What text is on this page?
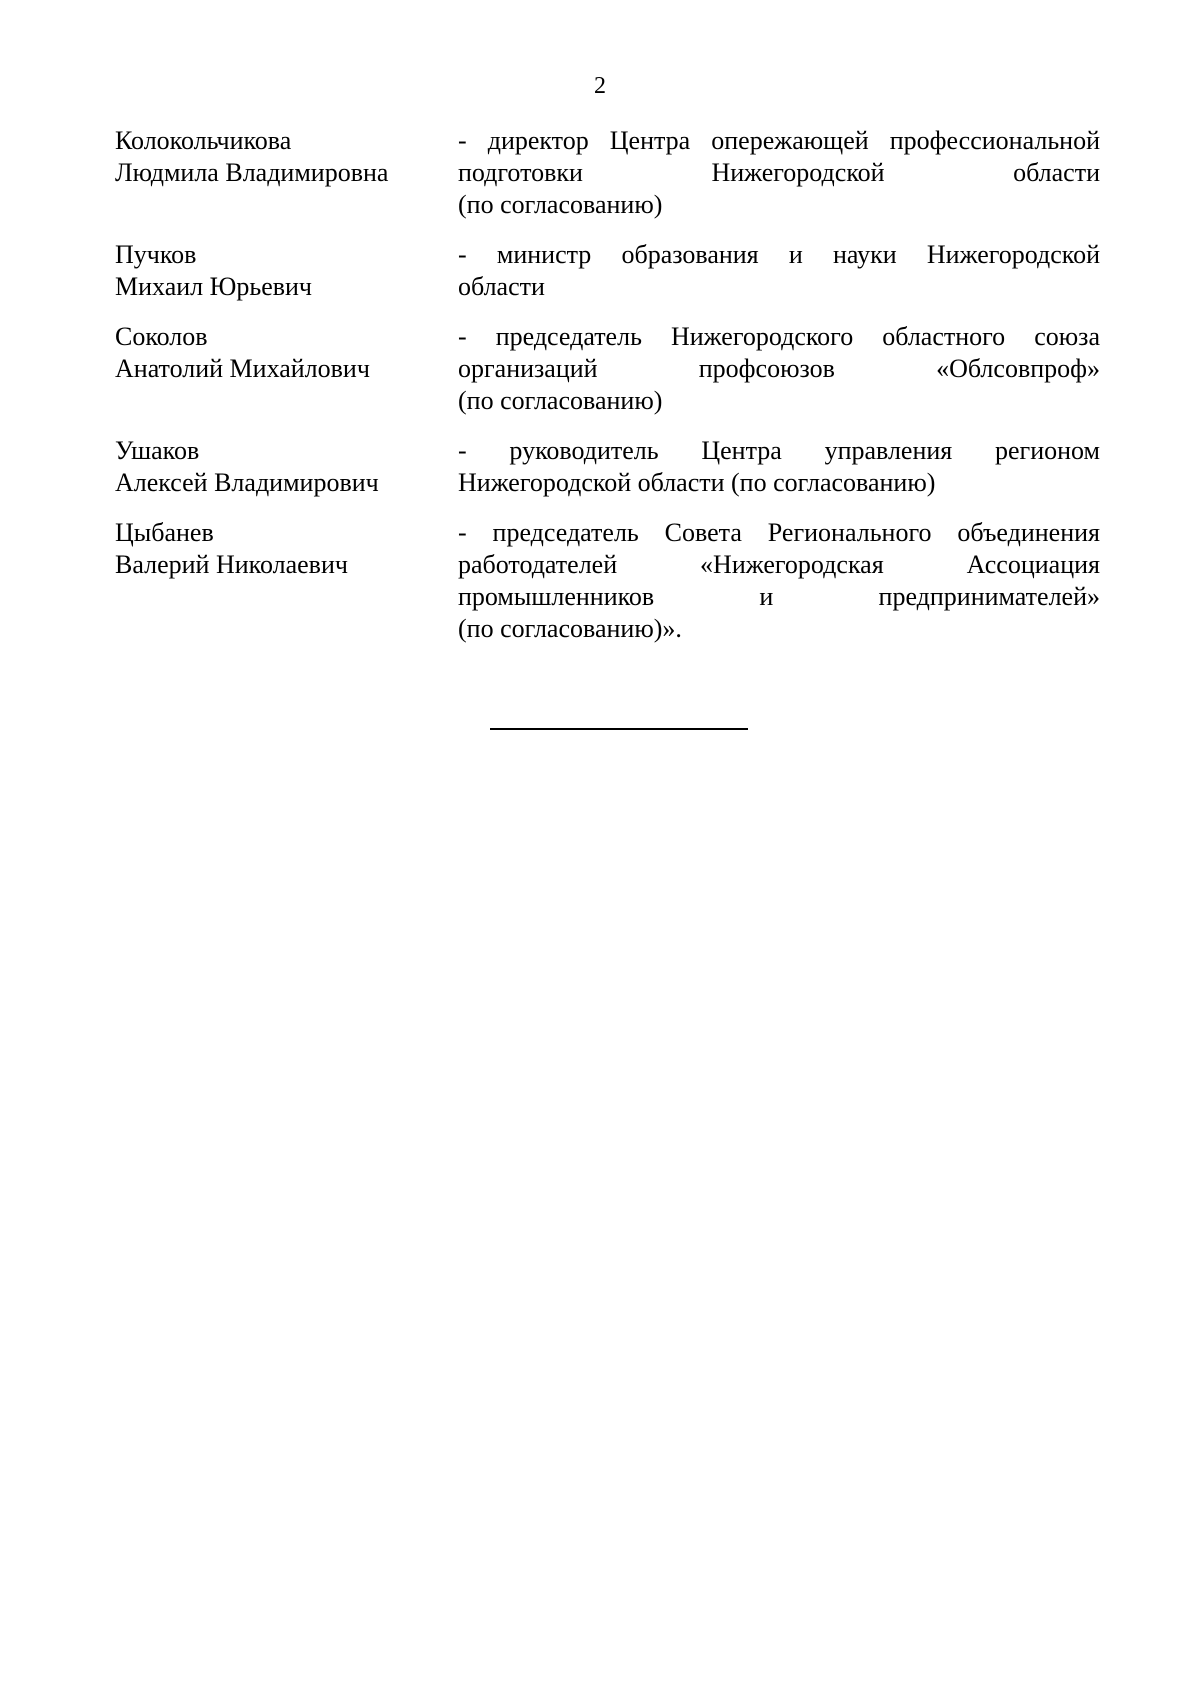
2
Колокольчикова
Людмила Владимировна
- директор Центра опережающей профессиональной
подготовки Нижегородской области
(по согласованию)
Пучков
Михаил Юрьевич
- министр образования и науки Нижегородской
области
Соколов
Анатолий Михайлович
- председатель Нижегородского областного союза
организаций профсоюзов «Облсовпроф»
(по согласованию)
Ушаков
Алексей Владимирович
- руководитель Центра управления регионом
Нижегородской области (по согласованию)
Цыбанев
Валерий Николаевич
- председатель Совета Регионального объединения
работодателей «Нижегородская Ассоциация
промышленников и предпринимателей»
(по согласованию)».
